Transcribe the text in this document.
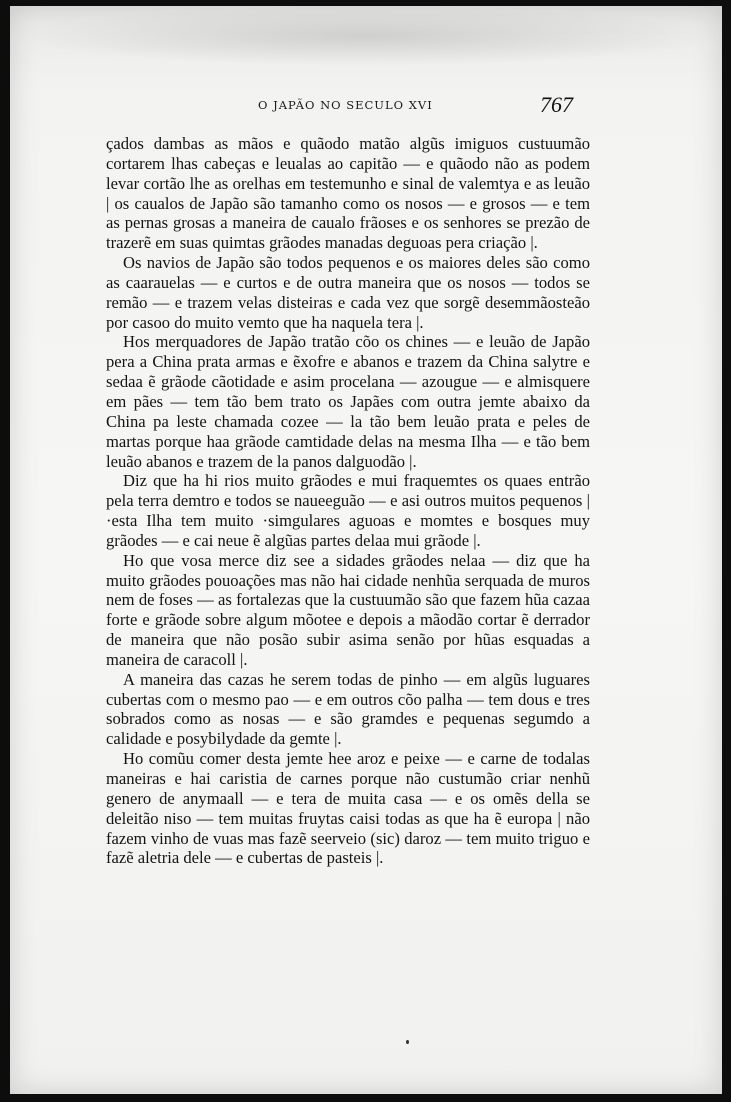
O JAPÃO NO SECULO XVI	767

çados dambas as mãos e quãodo matão algũs imiguos custuumão cortarem lhas cabeças e leualas ao capitão — e quãodo não as podem levar cortão lhe as orelhas em testemunho e sinal de valemtya e as leuão | os caualos de Japão são tamanho como os nosos — e grosos — e tem as pernas grosas a maneira de caualo frãoses e os senhores se prezão de trazerẽ em suas quimtas grãodes manadas deguoas pera criação |.

Os navios de Japão são todos pequenos e os maiores deles são como as caarauelas — e curtos e de outra maneira que os nosos — todos se remão — e trazem velas disteiras e cada vez que sorgẽ desemmãosteão por casoo do muito vemto que ha naquela tera |.

Hos merquadores de Japão tratão cõo os chines — e leuão de Japão pera a China prata armas e ẽxofre e abanos e trazem da China salytre e sedaa ẽ grãode cãotidade e asim procelana — azougue — e almisquere em pães — tem tão bem trato os Japães com outra jemte abaixo da China pa leste chamada cozee — la tão bem leuão prata e peles de martas porque haa grãode camtidade delas na mesma Ilha — e tão bem leuão abanos e trazem de la panos dalguodão |.

Diz que ha hi rios muito grãodes e mui fraquemtes os quaes entrão pela terra demtro e todos se naueeguão — e asi outros muitos pequenos |·esta Ilha tem muito ·simgulares aguoas e momtes e bosques muy grãodes — e cai neue ẽ algũas partes delaa mui grãode |.

Ho que vosa merce diz see a sidades grãodes nelaa — diz que ha muito grãodes pouoações mas não hai cidade nenhũa serquada de muros nem de foses — as fortalezas que la custuumão são que fazem hũa cazaa forte e grãode sobre algum mõotee e depois a mãodão cortar ẽ derrador de maneira que não posão subir asima senão por hũas esquadas a maneira de caracoll |.

A maneira das cazas he serem todas de pinho — em algũs luguares cubertas com o mesmo pao — e em outros cõo palha — tem dous e tres sobrados como as nosas — e são gramdes e pequenas segumdo a calidade e posybilydade da gemte |.

Ho comũu comer desta jemte hee aroz e peixe — e carne de todalas maneiras e hai caristia de carnes porque não custumão criar nenhũ genero de anymaall — e tera de muita casa — e os omẽs della se deleitão niso — tem muitas fruytas caisi todas as que ha ẽ europa | não fazem vinho de vuas mas fazẽ seerveio (sic) daroz — tem muito triguo e fazẽ aletria dele — e cubertas de pasteis |.
